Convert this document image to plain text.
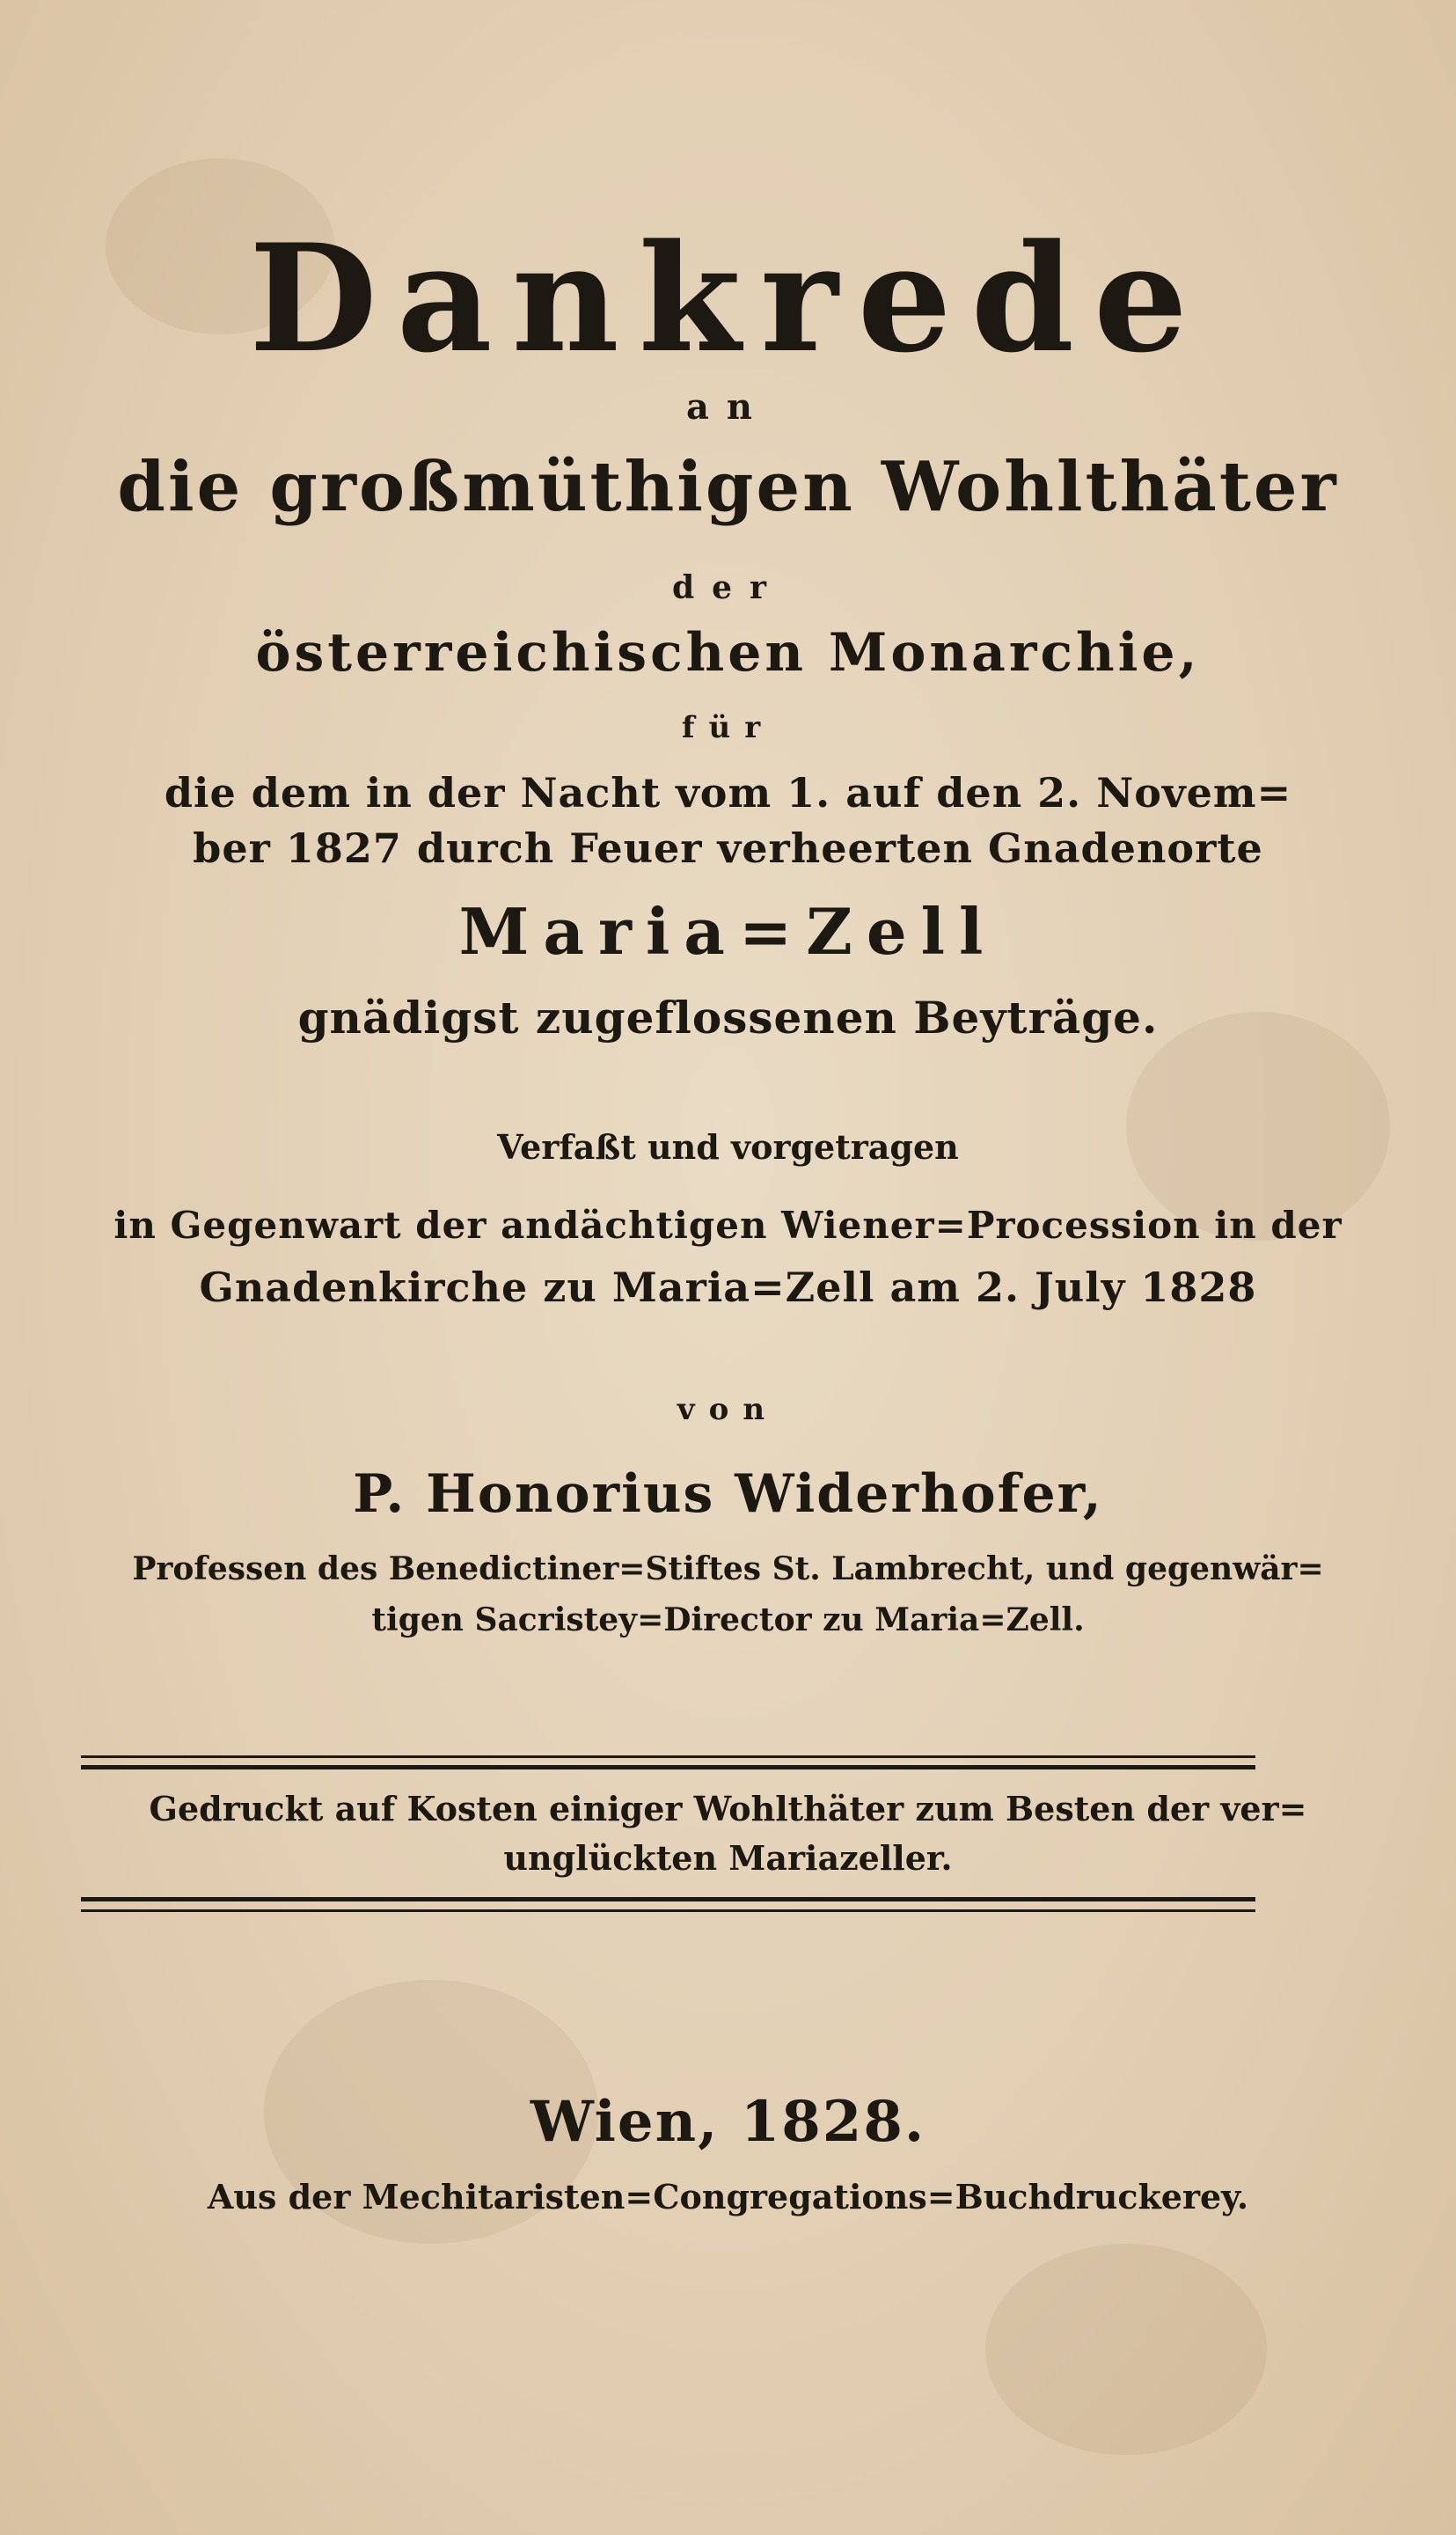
Dankrede
an
die großmüthigen Wohlthäter
der
österreichischen Monarchie,
für
die dem in der Nacht vom 1. auf den 2. Novem=
ber 1827 durch Feuer verheerten Gnadenorte
Maria=Zell
gnädigst zugeflossenen Beyträge.
Verfaßt und vorgetragen
in Gegenwart der andächtigen Wiener=Procession in der
Gnadenkirche zu Maria=Zell am 2. July 1828
von
P. Honorius Widerhofer,
Professen des Benedictiner=Stiftes St. Lambrecht, und gegenwär=
tigen Sacristey=Director zu Maria=Zell.
Gedruckt auf Kosten einiger Wohlthäter zum Besten der ver=
unglückten Mariazeller.
Wien, 1828.
Aus der Mechitaristen=Congregations=Buchdruckerey.
